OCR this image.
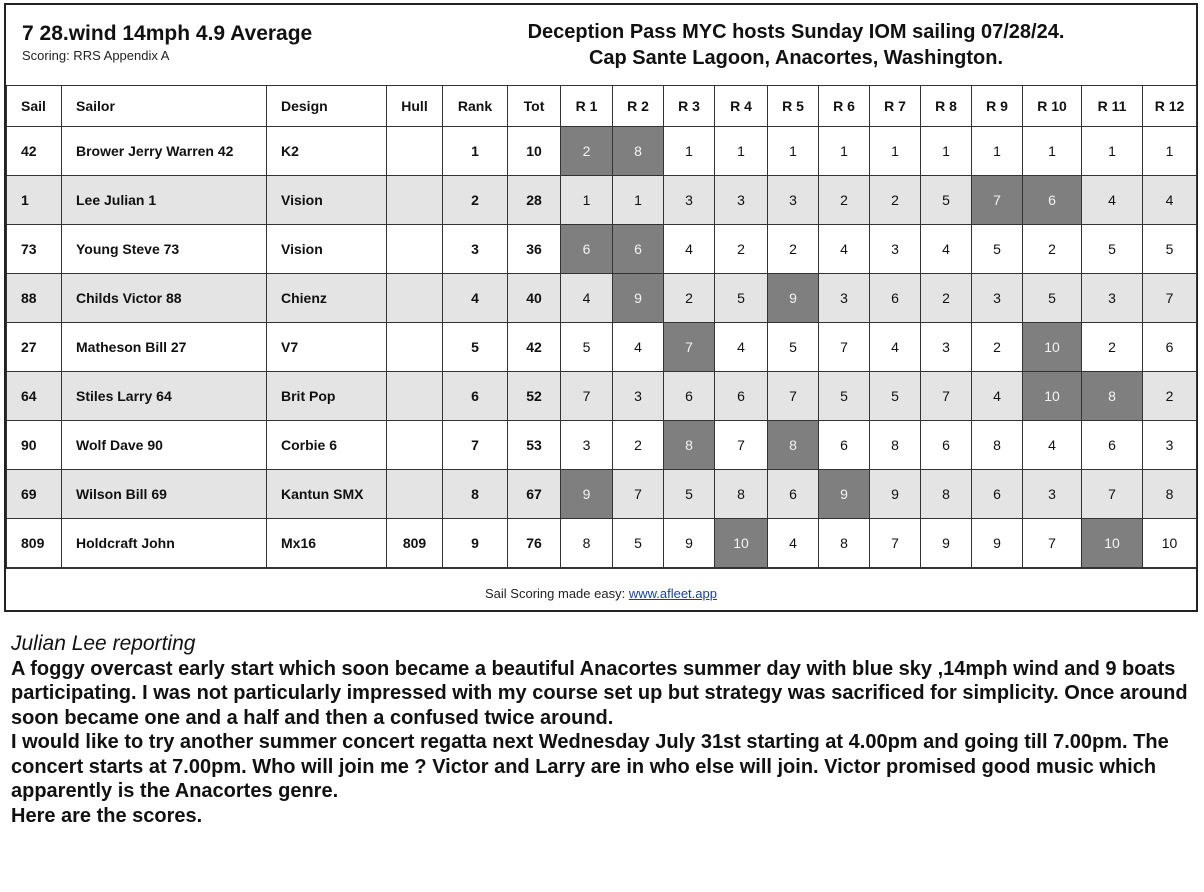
7 28.wind 14mph 4.9 Average
Scoring: RRS Appendix A
Deception Pass MYC hosts Sunday IOM sailing 07/28/24.
Cap Sante Lagoon, Anacortes, Washington.
Sail	Sailor	Design	Hull	Rank	Tot	R 1	R 2	R 3	R 4	R 5	R 6	R 7	R 8	R 9	R 10	R 11	R 12
42	Brower Jerry Warren 42	K2		1	10	2	8	1	1	1	1	1	1	1	1	1	1
1	Lee Julian 1	Vision		2	28	1	1	3	3	3	2	2	5	7	6	4	4
73	Young Steve 73	Vision		3	36	6	6	4	2	2	4	3	4	5	2	5	5
88	Childs Victor 88	Chienz		4	40	4	9	2	5	9	3	6	2	3	5	3	7
27	Matheson Bill 27	V7		5	42	5	4	7	4	5	7	4	3	2	10	2	6
64	Stiles Larry 64	Brit Pop		6	52	7	3	6	6	7	5	5	7	4	10	8	2
90	Wolf Dave 90	Corbie 6		7	53	3	2	8	7	8	6	8	6	8	4	6	3
69	Wilson Bill 69	Kantun SMX		8	67	9	7	5	8	6	9	9	8	6	3	7	8
809	Holdcraft John	Mx16	809	9	76	8	5	9	10	4	8	7	9	9	7	10	10
Sail Scoring made easy: www.afleet.app

Julian Lee reporting

A foggy overcast early start which soon became a beautiful Anacortes summer day with blue sky ,14mph wind and 9 boats participating. I was not particularly impressed with my course set up but strategy was sacrificed for simplicity. Once around soon became one and a half and then a confused twice around.

I would like to try another summer concert regatta next Wednesday July 31st starting at 4.00pm and going till 7.00pm. The concert starts at 7.00pm. Who will join me ? Victor and Larry are in who else will join. Victor promised good music which apparently is the Anacortes genre.

Here are the scores.
